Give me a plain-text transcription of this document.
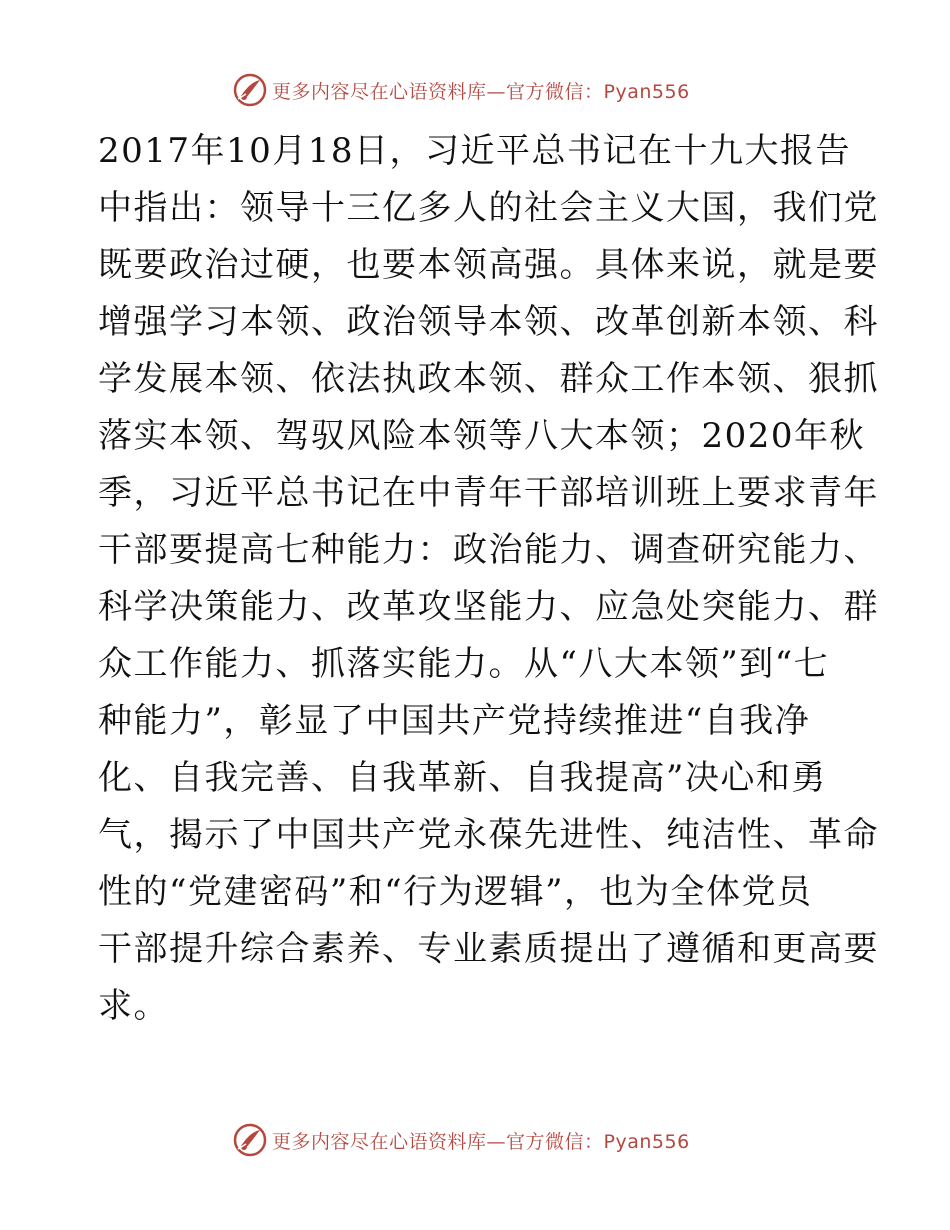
更多内容尽在心语资料库—官方微信：Pyan556
2017年10月18日，习近平总书记在十九大报告
中指出：领导十三亿多人的社会主义大国，我们党
既要政治过硬，也要本领高强。具体来说，就是要
增强学习本领、政治领导本领、改革创新本领、科
学发展本领、依法执政本领、群众工作本领、狠抓
落实本领、驾驭风险本领等八大本领；2020年秋
季，习近平总书记在中青年干部培训班上要求青年
干部要提高七种能力：政治能力、调查研究能力、
科学决策能力、改革攻坚能力、应急处突能力、群
众工作能力、抓落实能力。从“八大本领”到“七
种能力”，彰显了中国共产党持续推进“自我净
化、自我完善、自我革新、自我提高”决心和勇
气，揭示了中国共产党永葆先进性、纯洁性、革命
性的“党建密码”和“行为逻辑”，也为全体党员
干部提升综合素养、专业素质提出了遵循和更高要
求。
更多内容尽在心语资料库—官方微信：Pyan556
